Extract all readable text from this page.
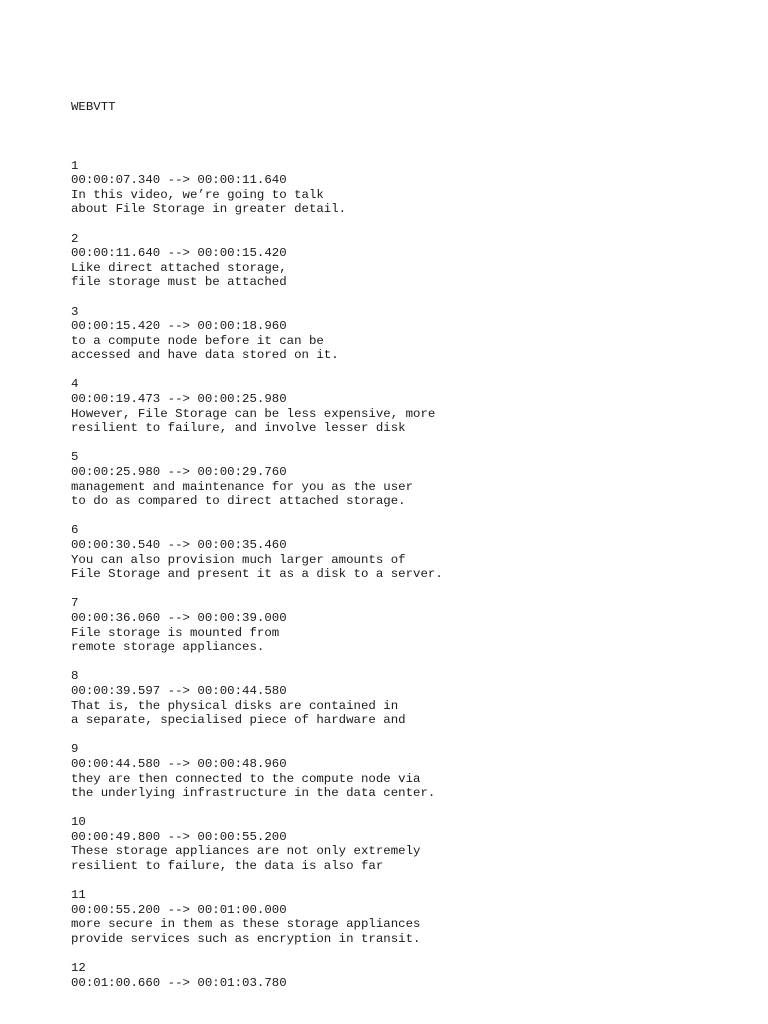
WEBVTT

1
00:00:07.340 --> 00:00:11.640
In this video, we’re going to talk
about File Storage in greater detail.
2
00:00:11.640 --> 00:00:15.420
Like direct attached storage,
file storage must be attached
3
00:00:15.420 --> 00:00:18.960
to a compute node before it can be
accessed and have data stored on it.
4
00:00:19.473 --> 00:00:25.980
However, File Storage can be less expensive, more
resilient to failure, and involve lesser disk
5
00:00:25.980 --> 00:00:29.760
management and maintenance for you as the user
to do as compared to direct attached storage.
6
00:00:30.540 --> 00:00:35.460
You can also provision much larger amounts of
File Storage and present it as a disk to a server.
7
00:00:36.060 --> 00:00:39.000
File storage is mounted from
remote storage appliances.
8
00:00:39.597 --> 00:00:44.580
That is, the physical disks are contained in
a separate, specialised piece of hardware and
9
00:00:44.580 --> 00:00:48.960
they are then connected to the compute node via
the underlying infrastructure in the data center.
10
00:00:49.800 --> 00:00:55.200
These storage appliances are not only extremely
resilient to failure, the data is also far
11
00:00:55.200 --> 00:01:00.000
more secure in them as these storage appliances
provide services such as encryption in transit.
12
00:01:00.660 --> 00:01:03.780
